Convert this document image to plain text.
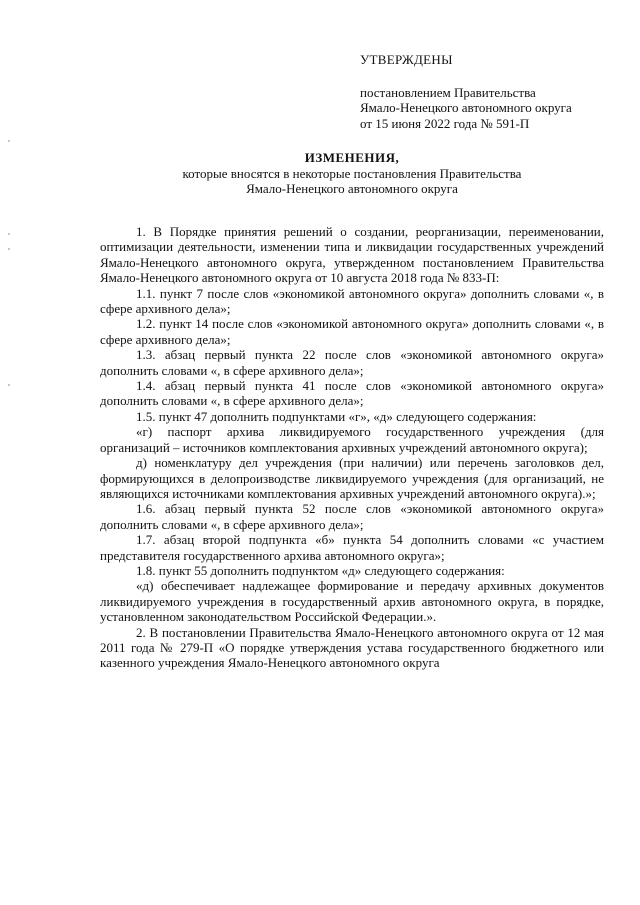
УТВЕРЖДЕНЫ
постановлением Правительства
Ямало-Ненецкого автономного округа
от 15 июня 2022 года № 591-П
ИЗМЕНЕНИЯ,
которые вносятся в некоторые постановления Правительства
Ямало-Ненецкого автономного округа

1. В Порядке принятия решений о создании, реорганизации, переименовании, оптимизации деятельности, изменении типа и ликвидации государственных учреждений Ямало-Ненецкого автономного округа, утвержденном постановлением Правительства Ямало-Ненецкого автономного округа от 10 августа 2018 года № 833-П:

1.1. пункт 7 после слов «экономикой автономного округа» дополнить словами «, в сфере архивного дела»;

1.2. пункт 14 после слов «экономикой автономного округа» дополнить словами «, в сфере архивного дела»;

1.3. абзац первый пункта 22 после слов «экономикой автономного округа» дополнить словами «, в сфере архивного дела»;

1.4. абзац первый пункта 41 после слов «экономикой автономного округа» дополнить словами «, в сфере архивного дела»;

1.5. пункт 47 дополнить подпунктами «г», «д» следующего содержания:

«г) паспорт архива ликвидируемого государственного учреждения (для организаций – источников комплектования архивных учреждений автономного округа);

д) номенклатуру дел учреждения (при наличии) или перечень заголовков дел, формирующихся в делопроизводстве ликвидируемого учреждения (для организаций, не являющихся источниками комплектования архивных учреждений автономного округа).»;

1.6. абзац первый пункта 52 после слов «экономикой автономного округа» дополнить словами «, в сфере архивного дела»;

1.7. абзац второй подпункта «б» пункта 54 дополнить словами «с участием представителя государственного архива автономного округа»;

1.8. пункт 55 дополнить подпунктом «д» следующего содержания:

«д) обеспечивает надлежащее формирование и передачу архивных документов ликвидируемого учреждения в государственный архив автономного округа, в порядке, установленном законодательством Российской Федерации.».

2. В постановлении Правительства Ямало-Ненецкого автономного округа от 12 мая 2011 года № 279-П «О порядке утверждения устава государственного бюджетного или казенного учреждения Ямало-Ненецкого автономного округа
